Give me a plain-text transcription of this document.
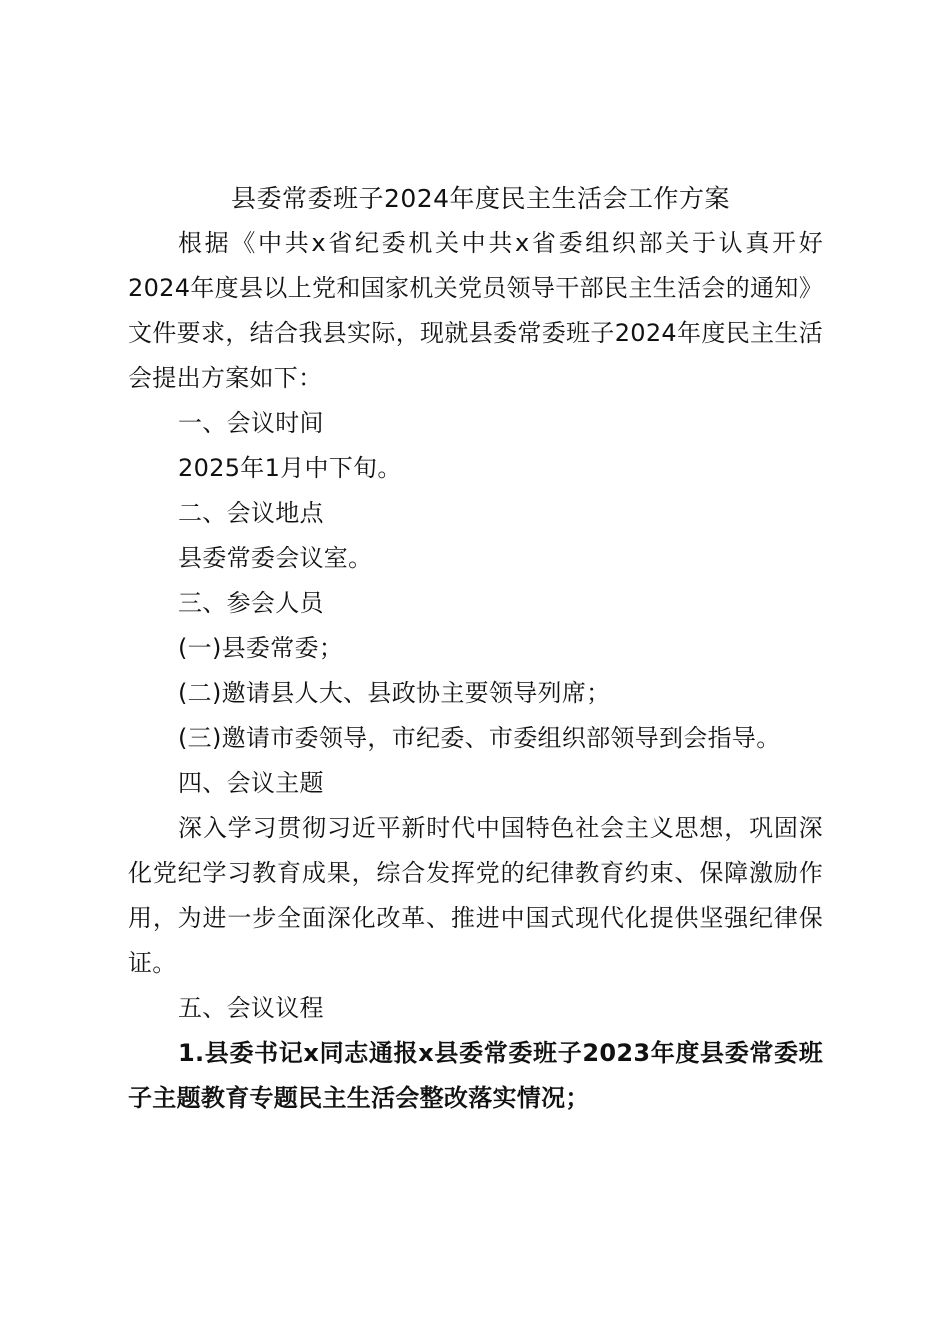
县委常委班子2024年度民主生活会工作方案

根据《中共x省纪委机关中共x省委组织部关于认真开好2024年度县以上党和国家机关党员领导干部民主生活会的通知》文件要求，结合我县实际，现就县委常委班子2024年度民主生活会提出方案如下：

一、会议时间

2025年1月中下旬。

二、会议地点

县委常委会议室。

三、参会人员

(一)县委常委；

(二)邀请县人大、县政协主要领导列席；

(三)邀请市委领导，市纪委、市委组织部领导到会指导。

四、会议主题

深入学习贯彻习近平新时代中国特色社会主义思想，巩固深化党纪学习教育成果，综合发挥党的纪律教育约束、保障激励作用，为进一步全面深化改革、推进中国式现代化提供坚强纪律保证。

五、会议议程

1.县委书记x同志通报x县委常委班子2023年度县委常委班子主题教育专题民主生活会整改落实情况；
